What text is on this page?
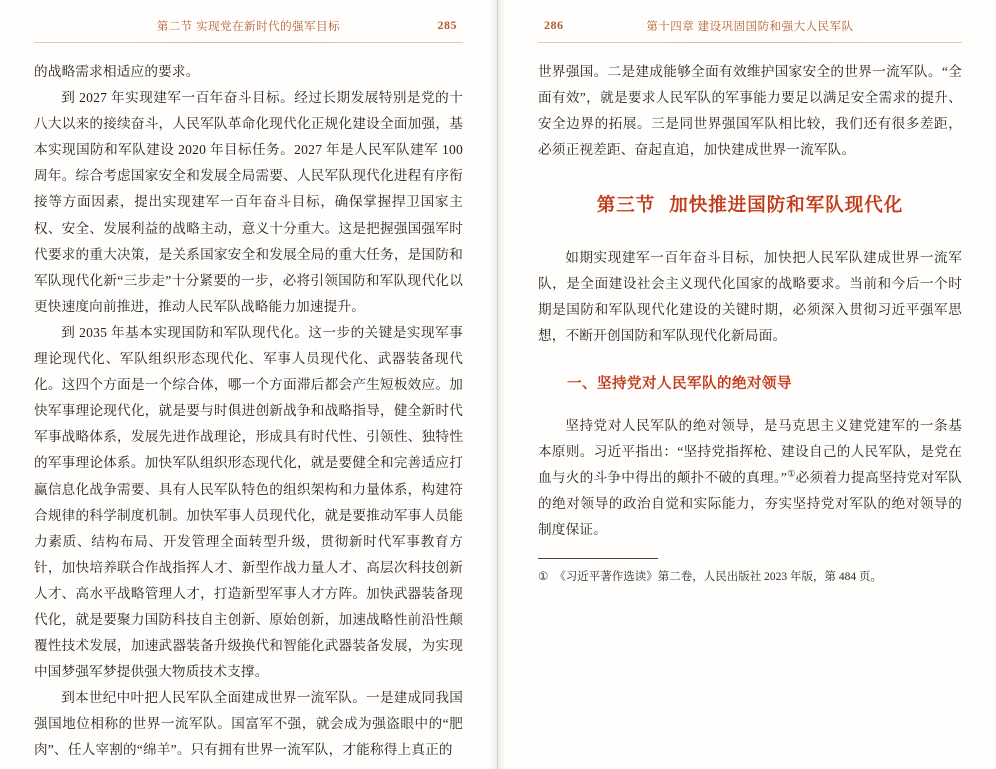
第二节 实现党在新时代的强军目标	285

的战略需求相适应的要求。

到 2027 年实现建军一百年奋斗目标。经过长期发展特别是党的十八大以来的接续奋斗，人民军队革命化现代化正规化建设全面加强，基本实现国防和军队建设 2020 年目标任务。2027 年是人民军队建军 100 周年。综合考虑国家安全和发展全局需要、人民军队现代化进程有序衔接等方面因素，提出实现建军一百年奋斗目标，确保掌握捍卫国家主权、安全、发展利益的战略主动，意义十分重大。这是把握强国强军时代要求的重大决策，是关系国家安全和发展全局的重大任务，是国防和军队现代化新“三步走”十分紧要的一步，必将引领国防和军队现代化以更快速度向前推进，推动人民军队战略能力加速提升。

到 2035 年基本实现国防和军队现代化。这一步的关键是实现军事理论现代化、军队组织形态现代化、军事人员现代化、武器装备现代化。这四个方面是一个综合体，哪一个方面滞后都会产生短板效应。加快军事理论现代化，就是要与时俱进创新战争和战略指导，健全新时代军事战略体系，发展先进作战理论，形成具有时代性、引领性、独特性的军事理论体系。加快军队组织形态现代化，就是要健全和完善适应打赢信息化战争需要、具有人民军队特色的组织架构和力量体系，构建符合规律的科学制度机制。加快军事人员现代化，就是要推动军事人员能力素质、结构布局、开发管理全面转型升级，贯彻新时代军事教育方针，加快培养联合作战指挥人才、新型作战力量人才、高层次科技创新人才、高水平战略管理人才，打造新型军事人才方阵。加快武器装备现代化，就是要聚力国防科技自主创新、原始创新，加速战略性前沿性颠覆性技术发展，加速武器装备升级换代和智能化武器装备发展，为实现中国梦强军梦提供强大物质技术支撑。

到本世纪中叶把人民军队全面建成世界一流军队。一是建成同我国强国地位相称的世界一流军队。国富军不强，就会成为强盗眼中的“肥肉”、任人宰割的“绵羊”。只有拥有世界一流军队，才能称得上真正的

286	第十四章 建设巩固国防和强大人民军队

世界强国。二是建成能够全面有效维护国家安全的世界一流军队。“全面有效”，就是要求人民军队的军事能力要足以满足安全需求的提升、安全边界的拓展。三是同世界强国军队相比较，我们还有很多差距，必须正视差距、奋起直追，加快建成世界一流军队。

第三节 加快推进国防和军队现代化

如期实现建军一百年奋斗目标，加快把人民军队建成世界一流军队，是全面建设社会主义现代化国家的战略要求。当前和今后一个时期是国防和军队现代化建设的关键时期，必须深入贯彻习近平强军思想，不断开创国防和军队现代化新局面。

一、坚持党对人民军队的绝对领导

坚持党对人民军队的绝对领导，是马克思主义建党建军的一条基本原则。习近平指出：“坚持党指挥枪、建设自己的人民军队，是党在血与火的斗争中得出的颠扑不破的真理。”①必须着力提高坚持党对军队的绝对领导的政治自觉和实际能力，夯实坚持党对军队的绝对领导的制度保证。

① 《习近平著作选读》第二卷，人民出版社 2023 年版，第 484 页。
